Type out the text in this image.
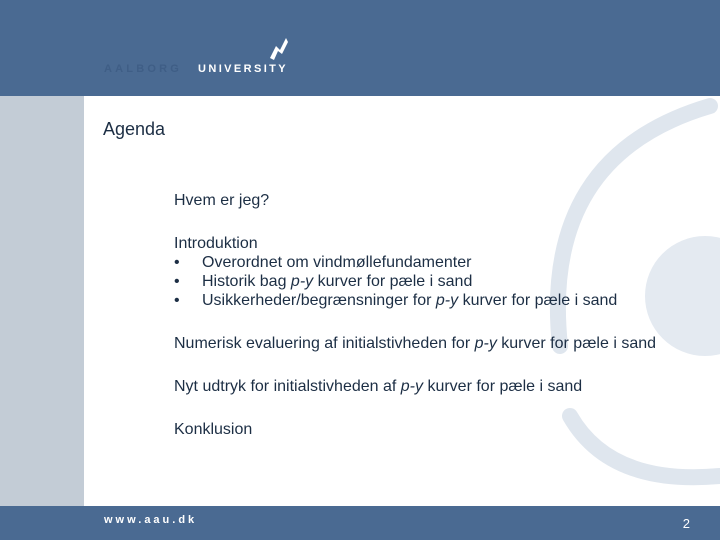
AALBORG UNIVERSITY
Agenda

Hvem er jeg?

Introduktion
• Overordnet om vindmøllefundamenter
• Historik bag p-y kurver for pæle i sand
• Usikkerheder/begrænsninger for p-y kurver for pæle i sand

Numerisk evaluering af initialstivheden for p-y kurver for pæle i sand

Nyt udtryk for initialstivheden af p-y kurver for pæle i sand

Konklusion

www.aau.dk	2
